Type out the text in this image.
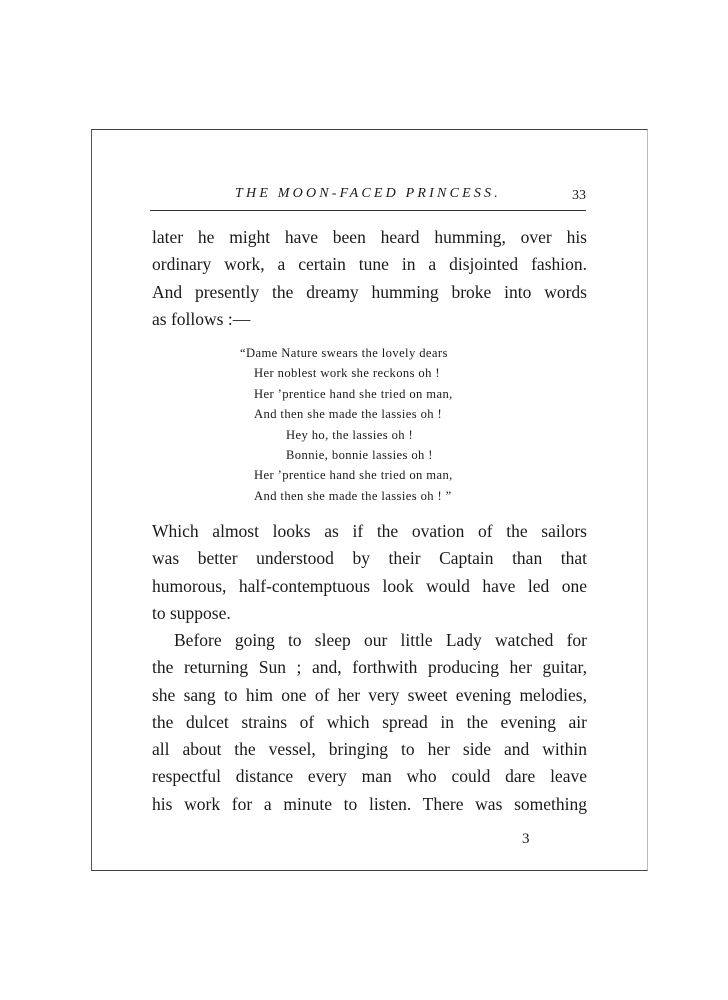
THE MOON-FACED PRINCESS.	33
later he might have been heard humming, over his
ordinary work, a certain tune in a disjointed fashion.
And presently the dreamy humming broke into words
as follows :—
“Dame Nature swears the lovely dears
Her noblest work she reckons oh !
Her ’prentice hand she tried on man,
And then she made the lassies oh !
Hey ho, the lassies oh !
Bonnie, bonnie lassies oh !
Her ’prentice hand she tried on man,
And then she made the lassies oh ! ”
Which almost looks as if the ovation of the sailors
was better understood by their Captain than that
humorous, half-contemptuous look would have led one
to suppose.
Before going to sleep our little Lady watched for
the returning Sun ; and, forthwith producing her guitar,
she sang to him one of her very sweet evening melodies,
the dulcet strains of which spread in the evening air
all about the vessel, bringing to her side and within
respectful distance every man who could dare leave
his work for a minute to listen. There was something
3
